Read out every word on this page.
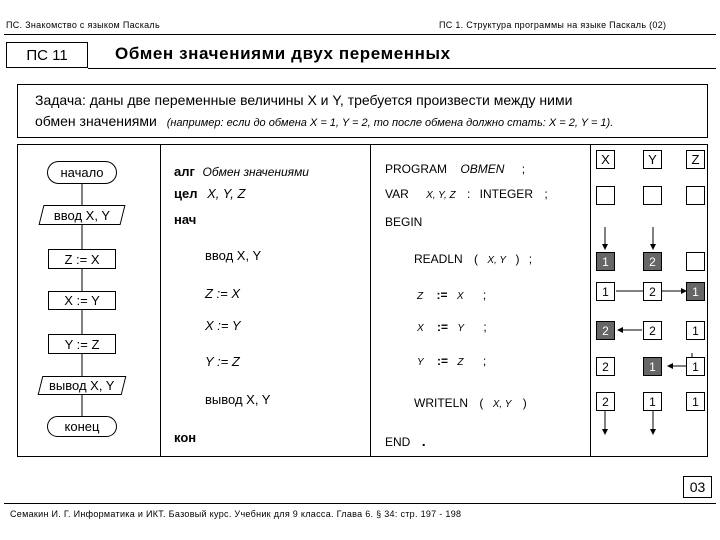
ПС. Знакомство с языком Паскаль	ПС 1. Структура программы на языке Паскаль (02)
ПС 11	Обмен значениями двух переменных
Задача: даны две переменные величины X и Y, требуется произвести между ними
обмен значениями (например: если до обмена X = 1, Y = 2, то после обмена должно стать: X = 2, Y = 1).
начало
ввод X, Y
Z := X
X := Y
Y := Z
вывод X, Y
конец
алг Обмен значениями
цел X, Y, Z
нач
ввод X, Y
Z := X
X := Y
Y := Z
вывод X, Y
кон
PROGRAM OBMEN ;
VAR X, Y, Z : INTEGER ;
BEGIN
READLN ( X, Y ) ;
Z := X ;
X := Y ;
Y := Z ;
WRITELN ( X, Y )
END .
X	Y	Z
1	2
1	2	1
2	2	1
2	1	1
2	1	1
03
Семакин И. Г. Информатика и ИКТ. Базовый курс. Учебник для 9 класса. Глава 6. § 34: стр. 197 - 198
